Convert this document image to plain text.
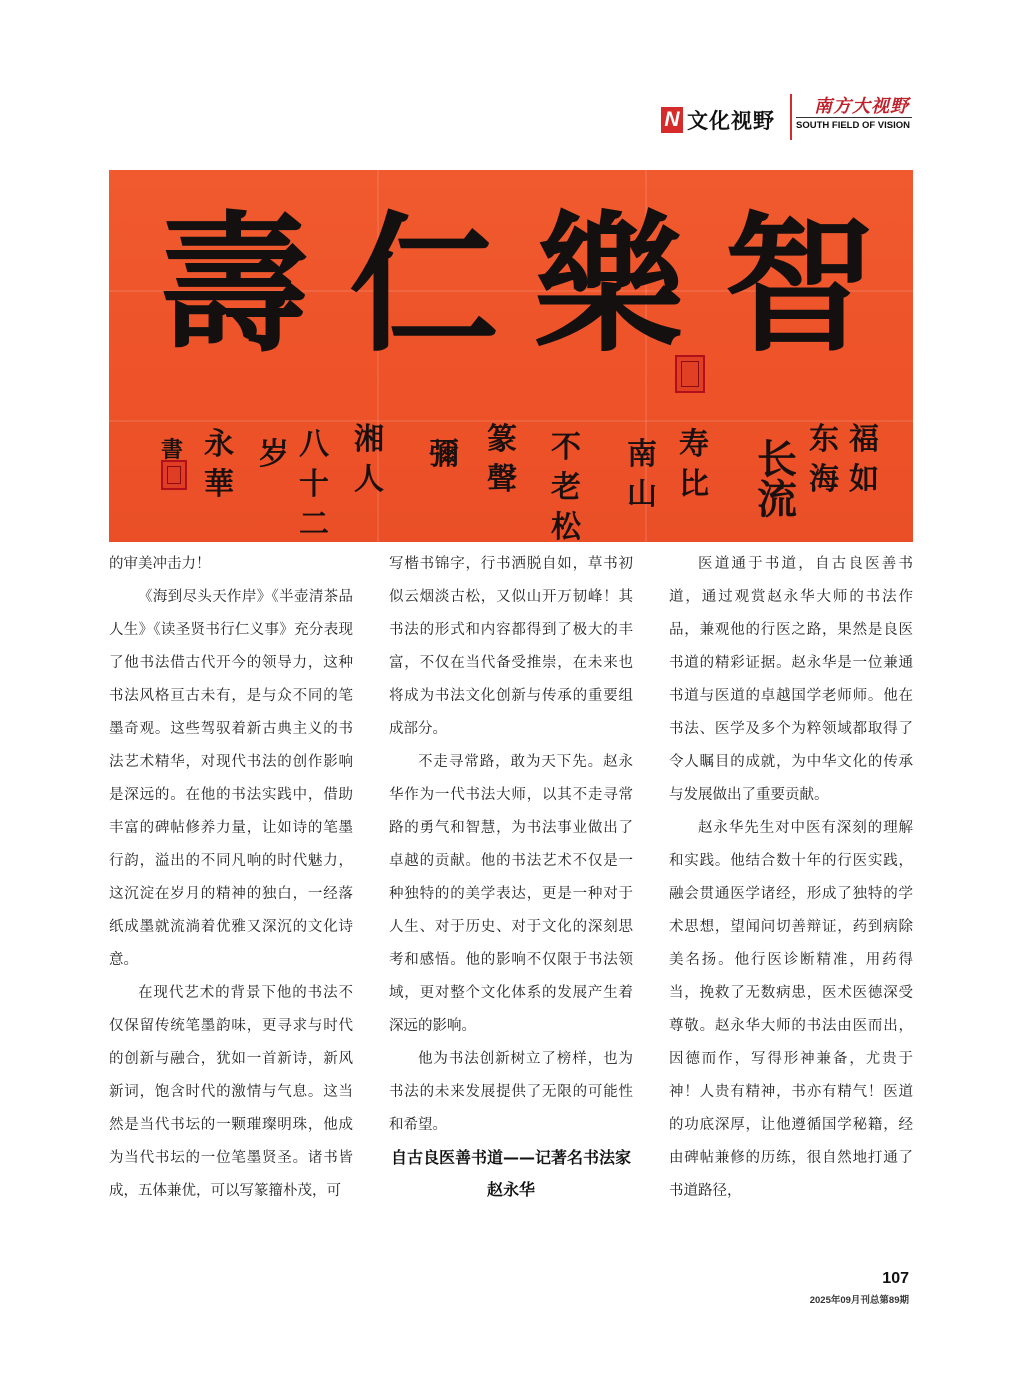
N 文化视野
南方大视野
SOUTH FIELD OF VISION
壽 仁 樂 智
福如
东海
长流
寿比
南山
不老松
篆聲
彌
湘人
八十二
岁
永華
書

的审美冲击力！

《海到尽头天作岸》《半壶清茶品人生》《读圣贤书行仁义事》充分表现了他书法借古代开今的领导力，这种书法风格亘古未有，是与众不同的笔墨奇观。这些驾驭着新古典主义的书法艺术精华，对现代书法的创作影响是深远的。在他的书法实践中，借助丰富的碑帖修养力量，让如诗的笔墨行韵，溢出的不同凡响的时代魅力，这沉淀在岁月的精神的独白，一经落纸成墨就流淌着优雅又深沉的文化诗意。

在现代艺术的背景下他的书法不仅保留传统笔墨韵味，更寻求与时代的创新与融合，犹如一首新诗，新风新词，饱含时代的激情与气息。这当然是当代书坛的一颗璀璨明珠，他成为当代书坛的一位笔墨贤圣。诸书皆成，五体兼优，可以写篆籀朴茂，可

写楷书锦字，行书洒脱自如，草书初似云烟淡古松，又似山开万韧峰！其书法的形式和内容都得到了极大的丰富，不仅在当代备受推崇，在未来也将成为书法文化创新与传承的重要组成部分。

不走寻常路，敢为天下先。赵永华作为一代书法大师，以其不走寻常路的勇气和智慧，为书法事业做出了卓越的贡献。他的书法艺术不仅是一种独特的的美学表达，更是一种对于人生、对于历史、对于文化的深刻思考和感悟。他的影响不仅限于书法领域，更对整个文化体系的发展产生着深远的影响。

他为书法创新树立了榜样，也为书法的未来发展提供了无限的可能性和希望。

自古良医善书道——记著名书法家赵永华

医道通于书道，自古良医善书道，通过观赏赵永华大师的书法作品，兼观他的行医之路，果然是良医书道的精彩证据。赵永华是一位兼通书道与医道的卓越国学老师师。他在书法、医学及多个为粹领域都取得了令人瞩目的成就，为中华文化的传承与发展做出了重要贡献。

赵永华先生对中医有深刻的理解和实践。他结合数十年的行医实践，融会贯通医学诸经，形成了独特的学术思想，望闻问切善辩证，药到病除美名扬。他行医诊断精准，用药得当，挽救了无数病患，医术医德深受尊敬。赵永华大师的书法由医而出，因德而作，写得形神兼备，尤贵于神！人贵有精神，书亦有精气！医道的功底深厚，让他遵循国学秘籍，经由碑帖兼修的历练，很自然地打通了书道路径，

107
2025年09月刊总第89期
